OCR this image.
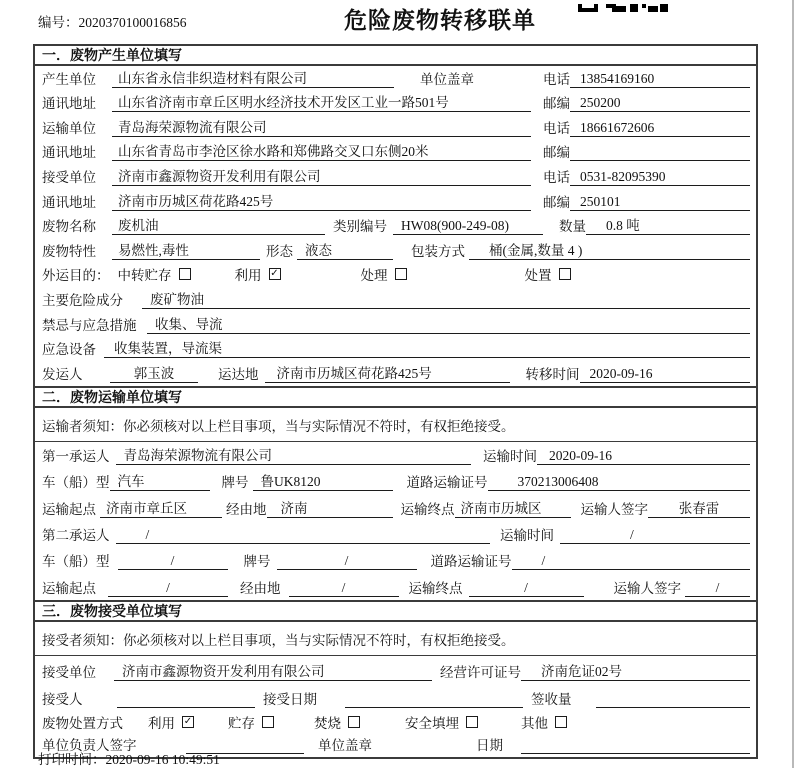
编号：2020370100016856	危险废物转移联单
一．废物产生单位填写
产生单位	山东省永信非织造材料有限公司	单位盖章	电话 13854169160
通讯地址	山东省济南市章丘区明水经济技术开发区工业一路501号	邮编 250200
运输单位	青岛海荣源物流有限公司	电话 18661672606
通讯地址	山东省青岛市李沧区徐水路和郑佛路交叉口东侧20米	邮编
接受单位	济南市鑫源物资开发利用有限公司	电话 0531-82095390
通讯地址	济南市历城区荷花路425号	邮编 250101
废物名称	废机油	类别编号	HW08(900-249-08)	数量	0.8 吨
废物特性	易燃性,毒性	形态 液态	包装方式	桶(金属,数量 4 )
外运目的： 中转贮存	利用 ✓	处理	处置
主要危险成分	废矿物油
禁忌与应急措施	收集、导流
应急设备	收集装置，导流渠
发运人	郭玉波	运达地	济南市历城区荷花路425号	转移时间 2020-09-16
二．废物运输单位填写
运输者须知：你必须核对以上栏目事项，当与实际情况不符时，有权拒绝接受。
第一承运人	青岛海荣源物流有限公司	运输时间 2020-09-16
车（船）型 汽车	牌号 鲁UK8120	道路运输证号	370213006408
运输起点 济南市章丘区	经由地	济南	运输终点 济南市历城区	运输人签字	张春雷
第二承运人	/	运输时间	/
车（船）型	/	牌号	/	道路运输证号	/
运输起点	/	经由地	/	运输终点	/	运输人签字	/
三．废物接受单位填写
接受者须知：你必须核对以上栏目事项，当与实际情况不符时，有权拒绝接受。
接受单位	济南市鑫源物资开发利用有限公司	经营许可证号	济南危证02号
接受人	接受日期	签收量
废物处置方式	利用 ✓	贮存	焚烧	安全填埋	其他
单位负责人签字	单位盖章	日期
打印时间：2020-09-16 10:49:51
